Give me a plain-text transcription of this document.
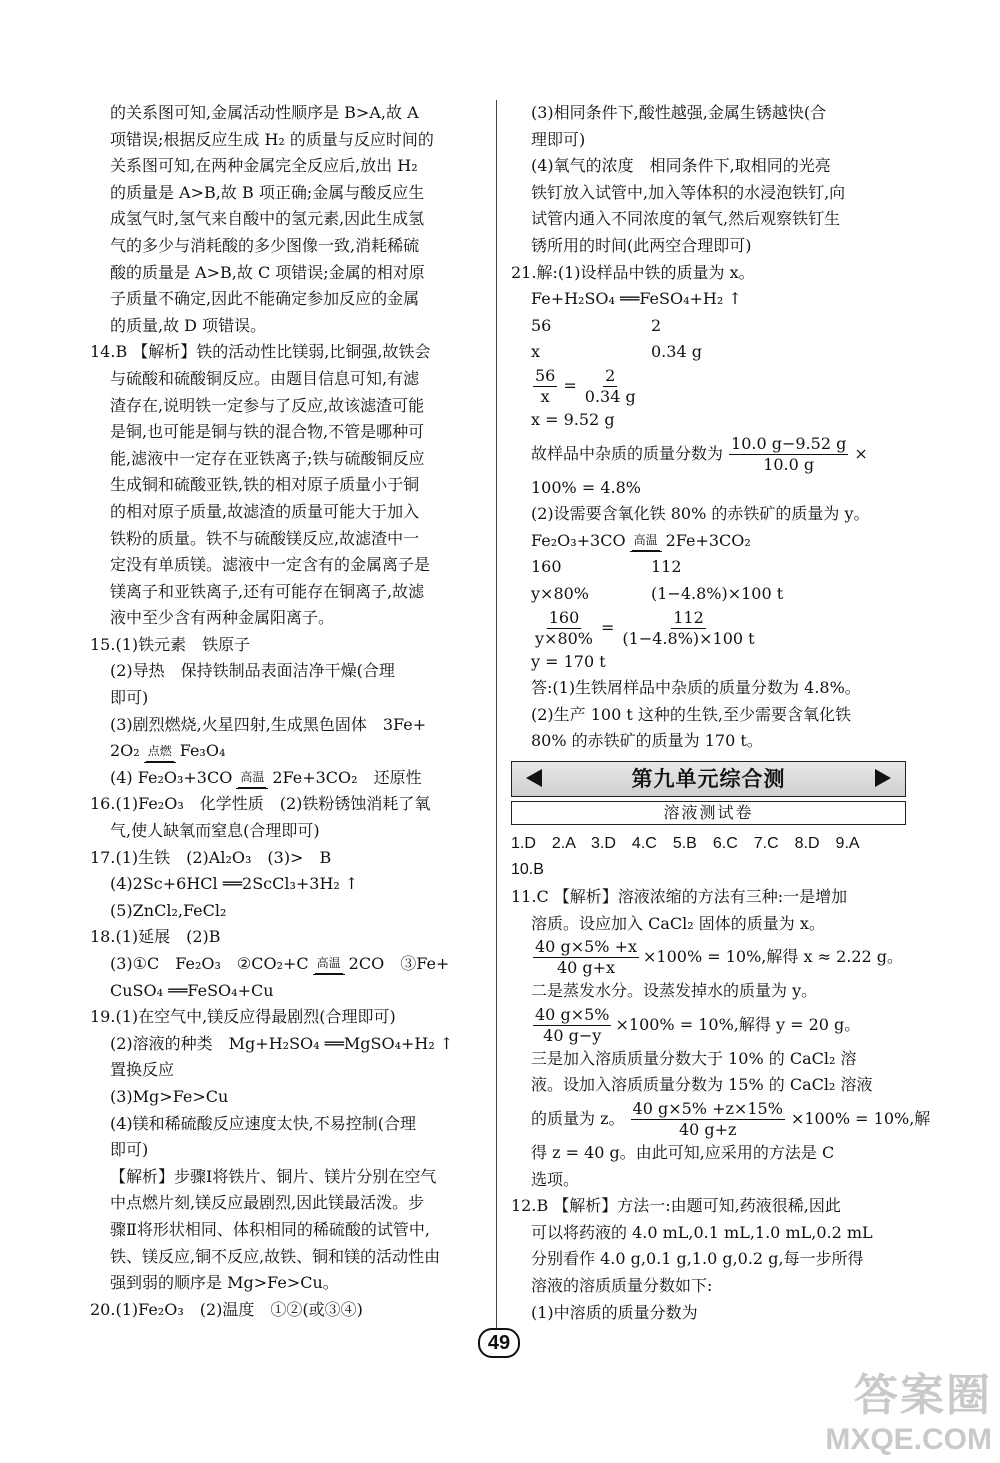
的关系图可知,金属活动性顺序是 B>A,故 A
项错误;根据反应生成 H₂ 的质量与反应时间的
关系图可知,在两种金属完全反应后,放出 H₂
的质量是 A>B,故 B 项正确;金属与酸反应生
成氢气时,氢气来自酸中的氢元素,因此生成氢
气的多少与消耗酸的多少图像一致,消耗稀硫
酸的质量是 A>B,故 C 项错误;金属的相对原
子质量不确定,因此不能确定参加反应的金属
的质量,故 D 项错误。
14.B 【解析】铁的活动性比镁弱,比铜强,故铁会
与硫酸和硫酸铜反应。由题目信息可知,有滤
渣存在,说明铁一定参与了反应,故该滤渣可能
是铜,也可能是铜与铁的混合物,不管是哪种可
能,滤液中一定存在亚铁离子;铁与硫酸铜反应
生成铜和硫酸亚铁,铁的相对原子质量小于铜
的相对原子质量,故滤渣的质量可能大于加入
铁粉的质量。铁不与硫酸镁反应,故滤渣中一
定没有单质镁。滤液中一定含有的金属离子是
镁离子和亚铁离子,还有可能存在铜离子,故滤
液中至少含有两种金属阳离子。
15.(1)铁元素　铁原子
(2)导热　保持铁制品表面洁净干燥(合理
即可)
(3)剧烈燃烧,火星四射,生成黑色固体　3Fe+
2O₂ 点燃 Fe₃O₄
(4) Fe₂O₃+3CO 高温 2Fe+3CO₂　还原性
16.(1)Fe₂O₃　化学性质　(2)铁粉锈蚀消耗了氧
气,使人缺氧而窒息(合理即可)
17.(1)生铁　(2)Al₂O₃　(3)>　B
(4)2Sc+6HCl ══2ScCl₃+3H₂ ↑
(5)ZnCl₂,FeCl₂
18.(1)延展　(2)B
(3)①C　Fe₂O₃　②CO₂+C 高温 2CO　③Fe+
CuSO₄ ══FeSO₄+Cu
19.(1)在空气中,镁反应得最剧烈(合理即可)
(2)溶液的种类　Mg+H₂SO₄ ══MgSO₄+H₂ ↑
置换反应
(3)Mg>Fe>Cu
(4)镁和稀硫酸反应速度太快,不易控制(合理
即可)
【解析】步骤Ⅰ将铁片、铜片、镁片分别在空气
中点燃片刻,镁反应最剧烈,因此镁最活泼。步
骤Ⅱ将形状相同、体积相同的稀硫酸的试管中,
铁、镁反应,铜不反应,故铁、铜和镁的活动性由
强到弱的顺序是 Mg>Fe>Cu。
20.(1)Fe₂O₃　(2)温度　①②(或③④)
(3)相同条件下,酸性越强,金属生锈越快(合
理即可)
(4)氧气的浓度　相同条件下,取相同的光亮
铁钉放入试管中,加入等体积的水浸泡铁钉,向
试管内通入不同浓度的氧气,然后观察铁钉生
锈所用的时间(此两空合理即可)
21.解:(1)设样品中铁的质量为 x。
Fe+H₂SO₄ ══FeSO₄+H₂ ↑
56	2
x	0.34 g
$\frac{56}{x} = \frac{2}{0.34 g}$
x = 9.52 g
故样品中杂质的质量分数为 $\frac{10.0 g-9.52 g}{10.0 g}$ ×
100% = 4.8%
(2)设需要含氧化铁 80% 的赤铁矿的质量为 y。
Fe₂O₃+3CO 高温 2Fe+3CO₂
160	112
y×80%	(1−4.8%)×100 t
$\frac{160}{y\times 80\%} = \frac{112}{(1-4.8\%)\times 100 t}$
y = 170 t
答:(1)生铁屑样品中杂质的质量分数为 4.8%。
(2)生产 100 t 这种的生铁,至少需要含氧化铁
80% 的赤铁矿的质量为 170 t。
第九单元综合测
溶液测试卷
1.D　2.A　3.D　4.C　5.B　6.C　7.C　8.D　9.A
10.B
11.C 【解析】溶液浓缩的方法有三种:一是增加
溶质。设应加入 CaCl₂ 固体的质量为 x。
$\frac{40 g\times 5\% +x}{40 g+x} \times 100\% = 10\%$,解得 x ≈ 2.22 g。
二是蒸发水分。设蒸发掉水的质量为 y。
$\frac{40 g\times 5\%}{40 g-y} \times 100\% = 10\%$,解得 y = 20 g。
三是加入溶质质量分数大于 10% 的 CaCl₂ 溶
液。设加入溶质质量分数为 15% 的 CaCl₂ 溶液
的质量为 z。 $\frac{40 g\times 5\% +z\times 15\%}{40 g+z} \times 100\% = 10\%$,解
得 z = 40 g。由此可知,应采用的方法是 C
选项。
12.B 【解析】方法一:由题可知,药液很稀,因此
可以将药液的 4.0 mL,0.1 mL,1.0 mL,0.2 mL
分别看作 4.0 g,0.1 g,1.0 g,0.2 g,每一步所得
溶液的溶质质量分数如下:
(1)中溶质的质量分数为
49
答案圈
MXQE.COM
